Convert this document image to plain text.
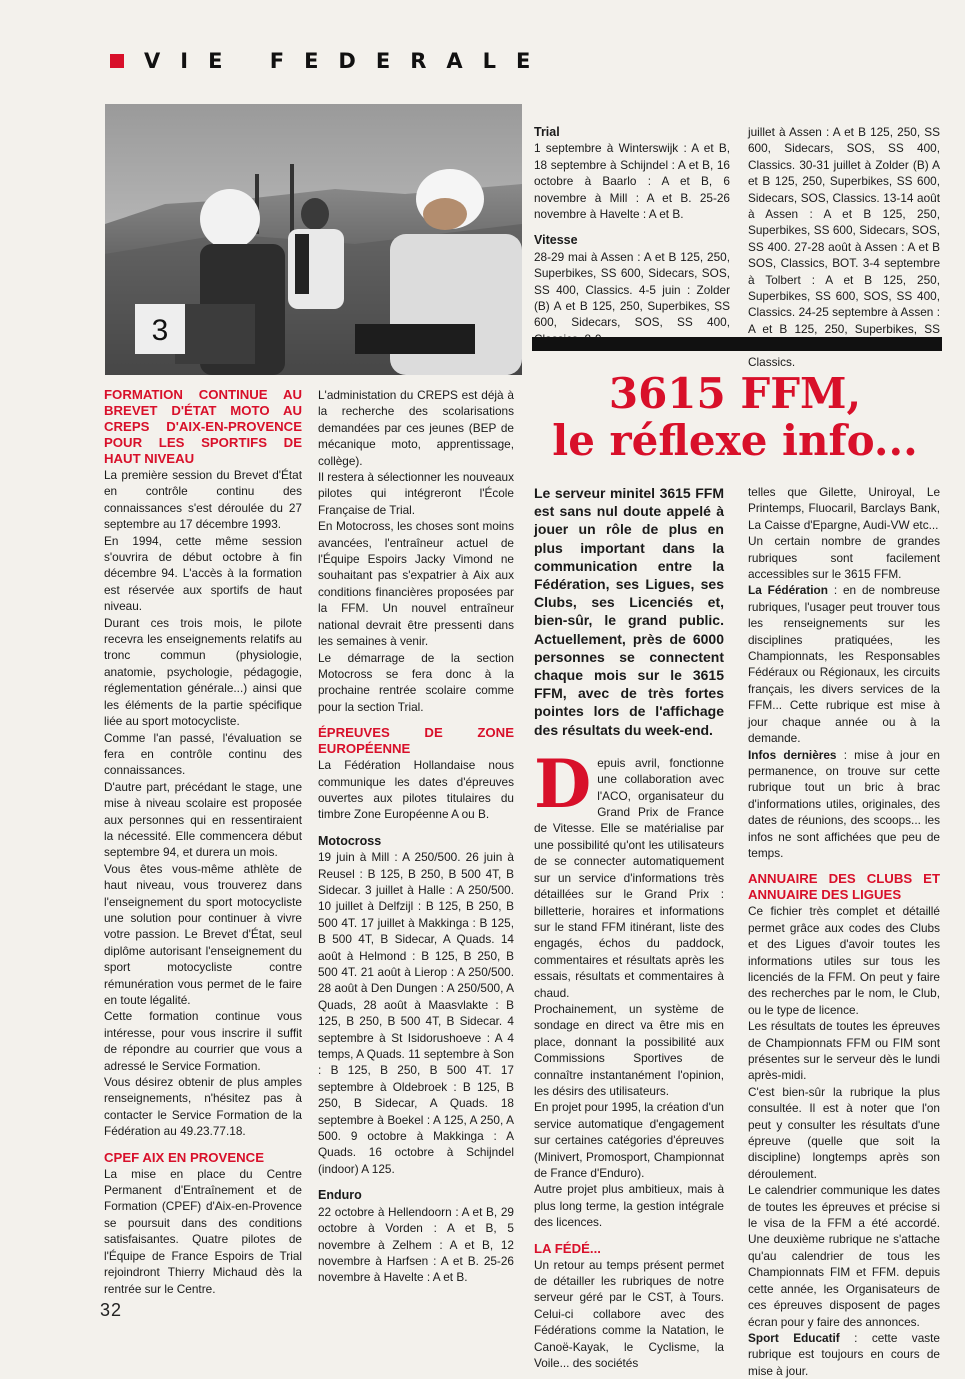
VIE FEDERALE
3

FORMATION CONTINUE AU BREVET D'ÉTAT MOTO AU CREPS D'AIX-EN-PROVENCE POUR LES SPORTIFS DE HAUT NIVEAU

La première session du Brevet d'État en contrôle continu des connaissances s'est déroulée du 27 septembre au 17 décembre 1993.

En 1994, cette même session s'ouvrira de début octobre à fin décembre 94. L'accès à la formation est réservée aux sportifs de haut niveau.

Durant ces trois mois, le pilote recevra les enseignements relatifs au tronc commun (physiologie, anatomie, psychologie, pédagogie, réglementation générale...) ainsi que les éléments de la partie spécifique liée au sport motocycliste.

Comme l'an passé, l'évaluation se fera en contrôle continu des connaissances.

D'autre part, précédant le stage, une mise à niveau scolaire est proposée aux personnes qui en ressentiraient la nécessité. Elle commencera début septembre 94, et durera un mois.

Vous êtes vous-même athlète de haut niveau, vous trouverez dans l'enseignement du sport motocycliste une solution pour continuer à vivre votre passion. Le Brevet d'État, seul diplôme autorisant l'enseignement du sport motocycliste contre rémunération vous permet de le faire en toute légalité.

Cette formation continue vous intéresse, pour vous inscrire il suffit de répondre au courrier que vous a adressé le Service Formation.

Vous désirez obtenir de plus amples renseignements, n'hésitez pas à contacter le Service Formation de la Fédération au 49.23.77.18.

CPEF AIX EN PROVENCE

La mise en place du Centre Permanent d'Entraînement et de Formation (CPEF) d'Aix-en-Provence se poursuit dans des conditions satisfaisantes. Quatre pilotes de l'Équipe de France Espoirs de Trial rejoindront Thierry Michaud dès la rentrée sur le Centre.

L'administation du CREPS est déjà à la recherche des scolarisations demandées par ces jeunes (BEP de mécanique moto, apprentissage, collège).

Il restera à sélectionner les nouveaux pilotes qui intégreront l'École Française de Trial.

En Motocross, les choses sont moins avancées, l'entraîneur actuel de l'Équipe Espoirs Jacky Vimond ne souhaitant pas s'expatrier à Aix aux conditions financières proposées par la FFM. Un nouvel entraîneur national devrait être pressenti dans les semaines à venir.

Le démarrage de la section Motocross se fera donc à la prochaine rentrée scolaire comme pour la section Trial.

ÉPREUVES DE ZONE EUROPÉENNE

La Fédération Hollandaise nous communique les dates d'épreuves ouvertes aux pilotes titulaires du timbre Zone Européenne A ou B.

Motocross

19 juin à Mill : A 250/500. 26 juin à Reusel : B 125, B 250, B 500 4T, B Sidecar. 3 juillet à Halle : A 250/500. 10 juillet à Delfzijl : B 125, B 250, B 500 4T. 17 juillet à Makkinga : B 125, B 500 4T, B Sidecar, A Quads. 14 août à Helmond : B 125, B 250, B 500 4T. 21 août à Lierop : A 250/500. 28 août à Den Dungen : A 250/500, A Quads, 28 août à Maasvlakte : B 125, B 250, B 500 4T, B Sidecar. 4 septembre à St Isidorushoeve : A 4 temps, A Quads. 11 septembre à Son : B 125, B 250, B 500 4T. 17 septembre à Oldebroek : B 125, B 250, B Sidecar, A Quads. 18 septembre à Boekel : A 125, A 250, A 500. 9 octobre à Makkinga : A Quads. 16 octobre à Schijndel (indoor) A 125.

Enduro

22 octobre à Hellendoorn : A et B, 29 octobre à Vorden : A et B, 5 novembre à Zelhem : A et B, 12 novembre à Harfsen : A et B. 25-26 novembre à Havelte : A et B.

Trial

1 septembre à Winterswijk : A et B, 18 septembre à Schijndel : A et B, 16 octobre à Baarlo : A et B, 6 novembre à Mill : A et B. 25-26 novembre à Havelte : A et B.

Vitesse

28-29 mai à Assen : A et B 125, 250, Superbikes, SS 600, Sidecars, SOS, SS 400, Classics. 4-5 juin : Zolder (B) A et B 125, 250, Superbikes, SS 600, Sidecars, SOS, SS 400,

juillet à Assen : A et B 125, 250, SS 600, Sidecars, SOS, SS 400, Classics. 30-31 juillet à Zolder (B) A et B 125, 250, Superbikes, SS 600, Sidecars, SOS, Classics. 13-14 août à Assen : A et B 125, 250, Superbikes, SS 600, Sidecars, SOS, SS 400. 27-28 août à Assen : A et B SOS, Classics, BOT. 3-4 septembre à Tolbert : A et B 125, 250, Superbikes, SS 600, SOS, SS 400, Classics. 24-25 septembre à Assen : A et B 125, 250, Superbikes, SS Classics.

3615 FFM,
le réflexe info...

Le serveur minitel 3615 FFM est sans nul doute appelé à jouer un rôle de plus en plus important dans la communication entre la Fédération, ses Ligues, ses Clubs, ses Licenciés et, bien-sûr, le grand public. Actuellement, près de 6000 personnes se connectent chaque mois sur le 3615 FFM, avec de très fortes pointes lors de l'affichage des résultats du week-end.

Depuis avril, fonctionne une collaboration avec l'ACO, organisateur du Grand Prix de France de Vitesse. Elle se matérialise par une possibilité qu'ont les utilisateurs de se connecter automatiquement sur un service d'informations très détaillées sur le Grand Prix : billetterie, horaires et informations sur le stand FFM itinérant, liste des engagés, échos du paddock, commentaires et résultats après les essais, résultats et commentaires à chaud.

Prochainement, un système de sondage en direct va être mis en place, donnant la possibilité aux Commissions Sportives de connaître instantanément l'opinion, les désirs des utilisateurs.

En projet pour 1995, la création d'un service automatique d'engagement sur certaines catégories d'épreuves (Minivert, Promosport, Championnat de France d'Enduro).

Autre projet plus ambitieux, mais à plus long terme, la gestion intégrale des licences.

LA FÉDÉ...

Un retour au temps présent permet de détailler les rubriques de notre serveur géré par le CST, à Tours. Celui-ci collabore avec des Fédérations comme la Natation, le Canoë-Kayak, le Cyclisme, la Voile... des sociétés

telles que Gilette, Uniroyal, Le Printemps, Fluocaril, Barclays Bank, La Caisse d'Epargne, Audi-VW etc...

Un certain nombre de grandes rubriques sont facilement accessibles sur le 3615 FFM.

La Fédération : en de nombreuse rubriques, l'usager peut trouver tous les renseignements sur les disciplines pratiquées, les Championnats, les Responsables Fédéraux ou Régionaux, les circuits français, les divers services de la FFM... Cette rubrique est mise à jour chaque année ou à la demande.

Infos dernières : mise à jour en permanence, on trouve sur cette rubrique tout un bric à brac d'informations utiles, originales, des dates de réunions, des scoops... les infos ne sont affichées que peu de temps.

ANNUAIRE DES CLUBS ET ANNUAIRE DES LIGUES

Ce fichier très complet et détaillé permet grâce aux codes des Clubs et des Ligues d'avoir toutes les informations utiles sur tous les licenciés de la FFM. On peut y faire des recherches par le nom, le Club, ou le type de licence.

Les résultats de toutes les épreuves de Championnats FFM ou FIM sont présentes sur le serveur dès le lundi après-midi.

C'est bien-sûr la rubrique la plus consultée. Il est à noter que l'on peut y consulter les résultats d'une épreuve (quelle que soit la discipline) longtemps après son déroulement.

Le calendrier communique les dates de toutes les épreuves et précise si le visa de la FFM a été accordé. Une deuxième rubrique ne s'attache qu'au calendrier de tous les Championnats FIM et FFM. depuis cette année, les Organisateurs de ces épreuves disposent de pages écran pour y faire des annonces.

Sport Educatif : cette vaste rubrique est toujours en cours de mise à jour.

32
